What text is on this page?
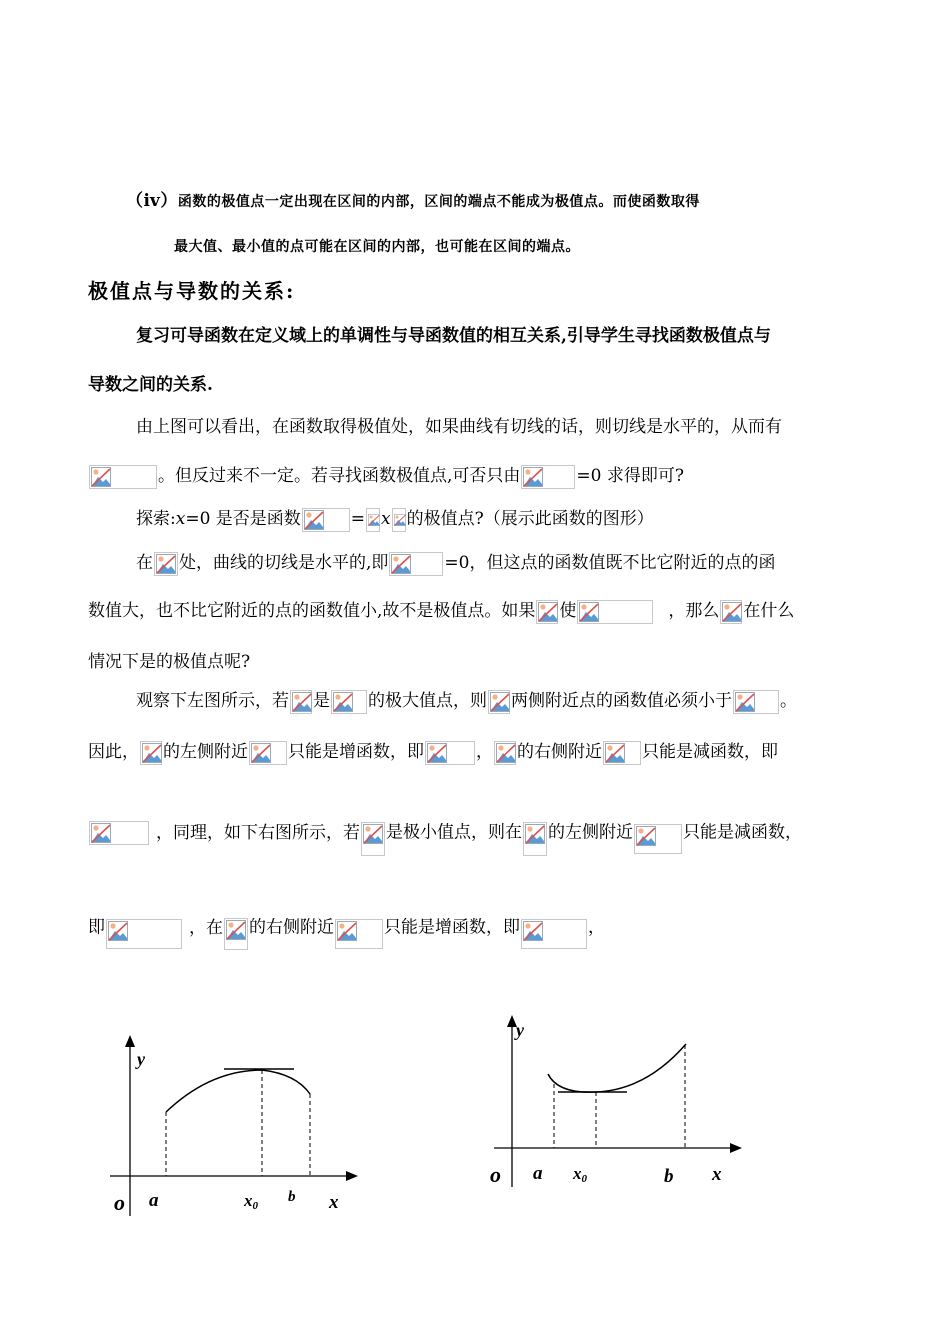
（ⅳ）函数的极值点一定出现在区间的内部，区间的端点不能成为极值点。而使函数取得
最大值、最小值的点可能在区间的内部，也可能在区间的端点。
极值点与导数的关系:
复习可导函数在定义域上的单调性与导函数值的相互关系,引导学生寻找函数极值点与
导数之间的关系.
由上图可以看出，在函数取得极值处，如果曲线有切线的话，则切线是水平的，从而有
。但反过来不一定。若寻找函数极值点,可否只由	=0 求得即可?
探索:x=0 是否是函数	= x 的极值点?（展示此函数的图形）
在 处，曲线的切线是水平的,即	=0，但这点的函数值既不比它附近的点的函
数值大，也不比它附近的点的函数值小,故不是极值点。如果 使	，那么 在什么
情况下是的极值点呢?
观察下左图所示，若 是 的极大值点，则 两侧附近点的函数值必须小于	。
因此， 的左侧附近 只能是增函数，即	， 的右侧附近 只能是减函数，即
，同理，如下右图所示，若 是极小值点，则在 的左侧附近	只能是减函数，
即	，在 的右侧附近	只能是增函数，即	，
y
o a	x0
b x
y
o a x0	b x
